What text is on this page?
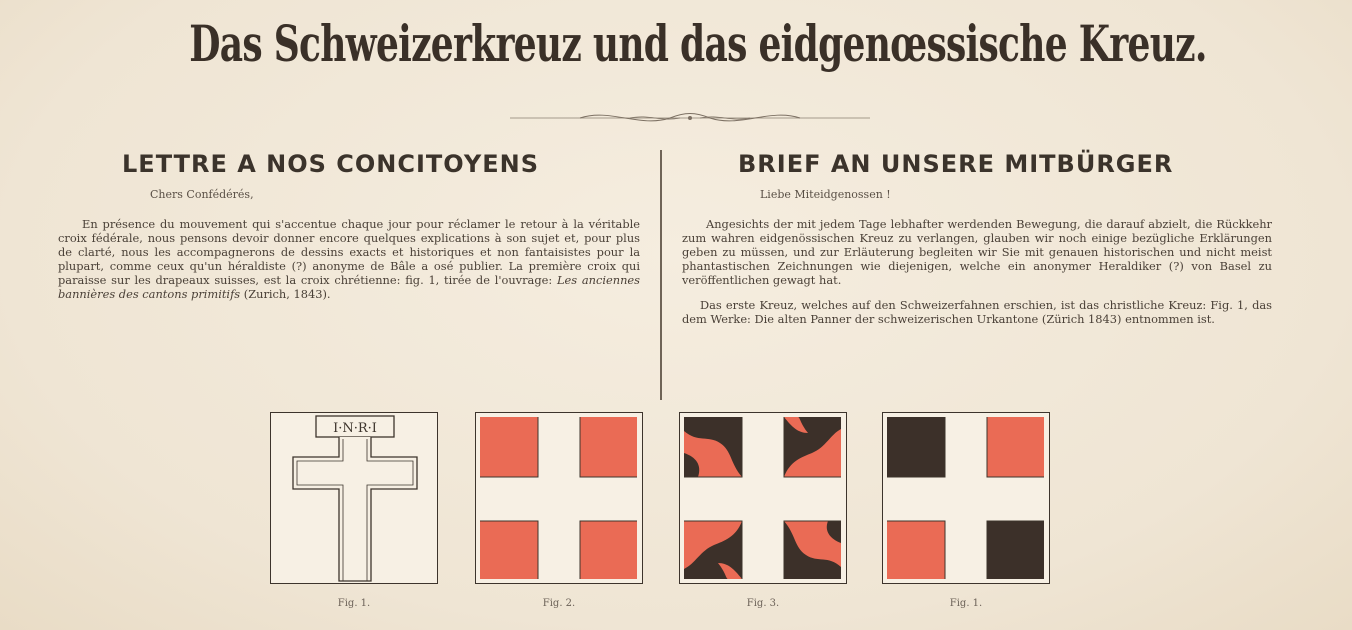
Das Schweizerkreuz und das eidgenœssische Kreuz.
LETTRE A NOS CONCITOYENS
Chers Confédérés,

En présence du mouvement qui s'accentue chaque jour pour réclamer le retour à la véritable croix fédérale, nous pensons devoir donner encore quelques explications à son sujet et, pour plus de clarté, nous les accompagnerons de dessins exacts et historiques et non fantaisistes pour la plupart, comme ceux qu'un héraldiste (?) anonyme de Bâle a osé publier. La première croix qui paraisse sur les drapeaux suisses, est la croix chrétienne: fig. 1, tirée de l'ouvrage: Les anciennes bannières des cantons primitifs (Zurich, 1843).

BRIEF AN UNSERE MITBÜRGER
Liebe Miteidgenossen !

Angesichts der mit jedem Tage lebhafter werdenden Bewegung, die darauf abzielt, die Rückkehr zum wahren eidgenössischen Kreuz zu verlangen, glauben wir noch einige bezügliche Erklärungen geben zu müssen, und zur Erläuterung begleiten wir Sie mit genauen historischen und nicht meist phantastischen Zeichnungen wie diejenigen, welche ein anonymer Heraldiker (?) von Basel zu veröffentlichen gewagt hat.

Das erste Kreuz, welches auf den Schweizerfahnen erschien, ist das christliche Kreuz: Fig. 1, das dem Werke: Die alten Panner der schweizerischen Urkantone (Zürich 1843) entnommen ist.

I·N·R·I
Fig. 1.	Fig. 2.	Fig. 3.	Fig. 1.
